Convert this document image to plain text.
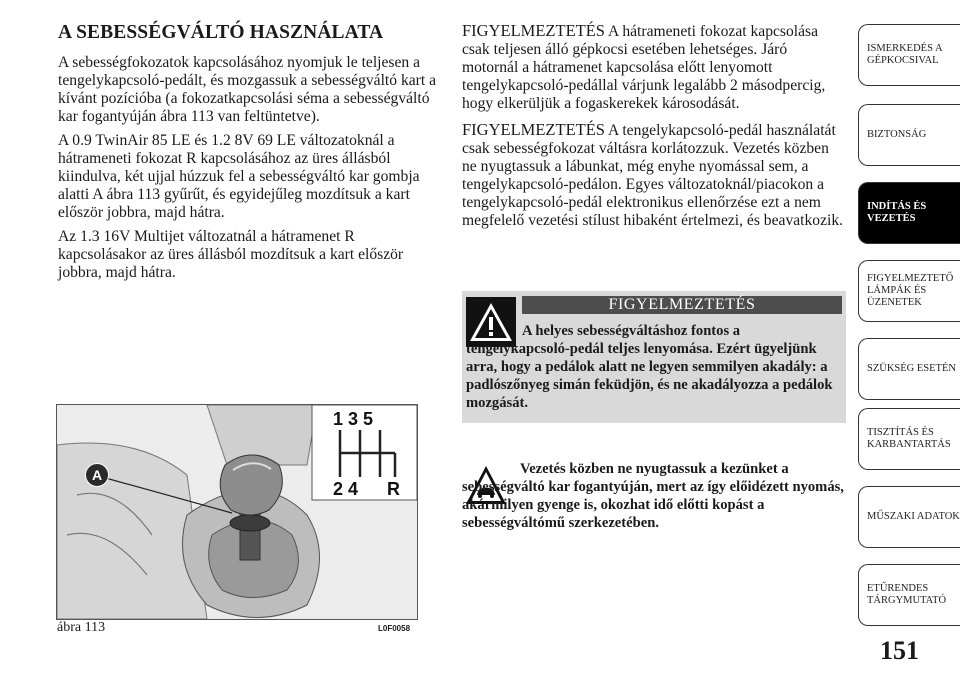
A SEBESSÉGVÁLTÓ HASZNÁLATA

A sebességfokozatok kapcsolásához nyomjuk le teljesen a tengelykapcsoló-pedált, és mozgassuk a sebességváltó kart a kívánt pozícióba (a fokozatkapcsolási séma a sebességváltó kar fogantyúján ábra 113 van feltüntetve).

A 0.9 TwinAir 85 LE és 1.2 8V 69 LE változatoknál a hátrameneti fokozat R kapcsolásához az üres állásból kiindulva, két ujjal húzzuk fel a sebességváltó kar gombja alatti A ábra 113 gyűrűt, és egyidejűleg mozdítsuk a kart először jobbra, majd hátra.

Az 1.3 16V Multijet változatnál a hátramenet R kapcsolásakor az üres állásból mozdítsuk a kart először jobbra, majd hátra.

1 3 5
2 4 R
A
ábra 113	L0F0058

FIGYELMEZTETÉS A hátrameneti fokozat kapcsolása csak teljesen álló gépkocsi esetében lehetséges. Járó motornál a hátramenet kapcsolása előtt lenyomott tengelykapcsoló-pedállal várjunk legalább 2 másodpercig, hogy elkerüljük a fogaskerekek károsodását.

FIGYELMEZTETÉS A tengelykapcsoló-pedál használatát csak sebességfokozat váltásra korlátozzuk. Vezetés közben ne nyugtassuk a lábunkat, még enyhe nyomással sem, a tengelykapcsoló-pedálon. Egyes változatoknál/piacokon a tengelykapcsoló-pedál elektronikus ellenőrzése ezt a nem megfelelő vezetési stílust hibaként értelmezi, és beavatkozik.

FIGYELMEZTETÉS
A helyes sebességváltáshoz fontos a tengelykapcsoló-pedál teljes lenyomása. Ezért ügyeljünk arra, hogy a pedálok alatt ne legyen semmilyen akadály: a padlószőnyeg simán feküdjön, és ne akadályozza a pedálok mozgását.

Vezetés közben ne nyugtassuk a kezünket a sebességváltó kar fogantyúján, mert az így előidézett nyomás, akármilyen gyenge is, okozhat idő előtti kopást a sebességváltómű szerkezetében.

ISMERKEDÉS A
GÉPKOCSIVAL
BIZTONSÁG
INDÍTÁS ÉS
VEZETÉS
FIGYELMEZTETŐ
LÁMPÁK ÉS
ÜZENETEK
SZÜKSÉG ESETÉN
TISZTÍTÁS ÉS
KARBANTARTÁS
MŰSZAKI ADATOK
ETŰRENDES
TÁRGYMUTATÓ
151
